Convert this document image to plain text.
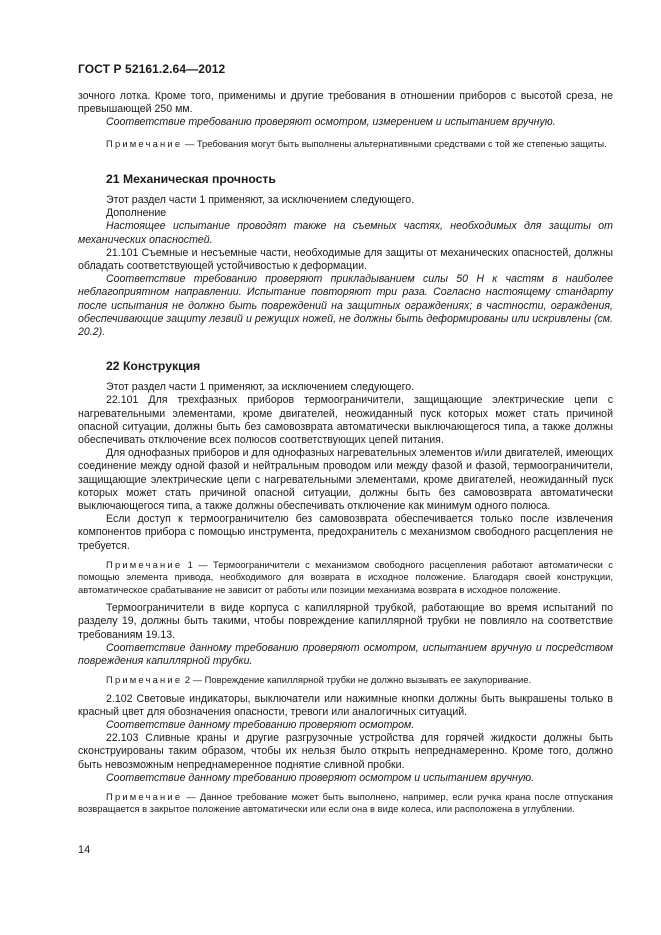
ГОСТ Р 52161.2.64—2012

зочного лотка. Кроме того, применимы и другие требования в отношении приборов с высотой среза, не превышающей 250 мм.

Соответствие требованию проверяют осмотром, измерением и испытанием вручную.

Примечание — Требования могут быть выполнены альтернативными средствами с той же степенью защиты.

21 Механическая прочность

Этот раздел части 1 применяют, за исключением следующего.

Дополнение

Настоящее испытание проводят также на съемных частях, необходимых для защиты от механических опасностей.

21.101 Съемные и несъемные части, необходимые для защиты от механических опасностей, должны обладать соответствующей устойчивостью к деформации.

Соответствие требованию проверяют прикладыванием силы 50 Н к частям в наиболее неблагоприятном направлении. Испытание повторяют три раза. Согласно настоящему стандарту после испытания не должно быть повреждений на защитных ограждениях; в частности, ограждения, обеспечивающие защиту лезвий и режущих ножей, не должны быть деформированы или искривлены (см. 20.2).

22 Конструкция

Этот раздел части 1 применяют, за исключением следующего.

22.101 Для трехфазных приборов термоограничители, защищающие электрические цепи с нагревательными элементами, кроме двигателей, неожиданный пуск которых может стать причиной опасной ситуации, должны быть без самовозврата автоматически выключающегося типа, а также должны обеспечивать отключение всех полюсов соответствующих цепей питания.

Для однофазных приборов и для однофазных нагревательных элементов и/или двигателей, имеющих соединение между одной фазой и нейтральным проводом или между фазой и фазой, термоограничители, защищающие электрические цепи с нагревательными элементами, кроме двигателей, неожиданный пуск которых может стать причиной опасной ситуации, должны быть без самовозврата автоматически выключающегося типа, а также должны обеспечивать отключение как минимум одного полюса.

Если доступ к термоограничителю без самовозврата обеспечивается только после извлечения компонентов прибора с помощью инструмента, предохранитель с механизмом свободного расцепления не требуется.

Примечание 1 — Термоограничители с механизмом свободного расцепления работают автоматически с помощью элемента привода, необходимого для возврата в исходное положение. Благодаря своей конструкции, автоматическое срабатывание не зависит от работы или позиции механизма возврата в исходное положение.

Термоограничители в виде корпуса с капиллярной трубкой, работающие во время испытаний по разделу 19, должны быть такими, чтобы повреждение капиллярной трубки не повлияло на соответствие требованиям 19.13.

Соответствие данному требованию проверяют осмотром, испытанием вручную и посредством повреждения капиллярной трубки.

Примечание 2 — Повреждение капиллярной трубки не должно вызывать ее закупоривание.

2.102 Световые индикаторы, выключатели или нажимные кнопки должны быть выкрашены только в красный цвет для обозначения опасности, тревоги или аналогичных ситуаций.

Соответствие данному требованию проверяют осмотром.

22.103 Сливные краны и другие разгрузочные устройства для горячей жидкости должны быть сконструированы таким образом, чтобы их нельзя было открыть непреднамеренно. Кроме того, должно быть невозможным непреднамеренное поднятие сливной пробки.

Соответствие данному требованию проверяют осмотром и испытанием вручную.

Примечание — Данное требование может быть выполнено, например, если ручка крана после отпускания возвращается в закрытое положение автоматически или если она в виде колеса, или расположена в углублении.

14
